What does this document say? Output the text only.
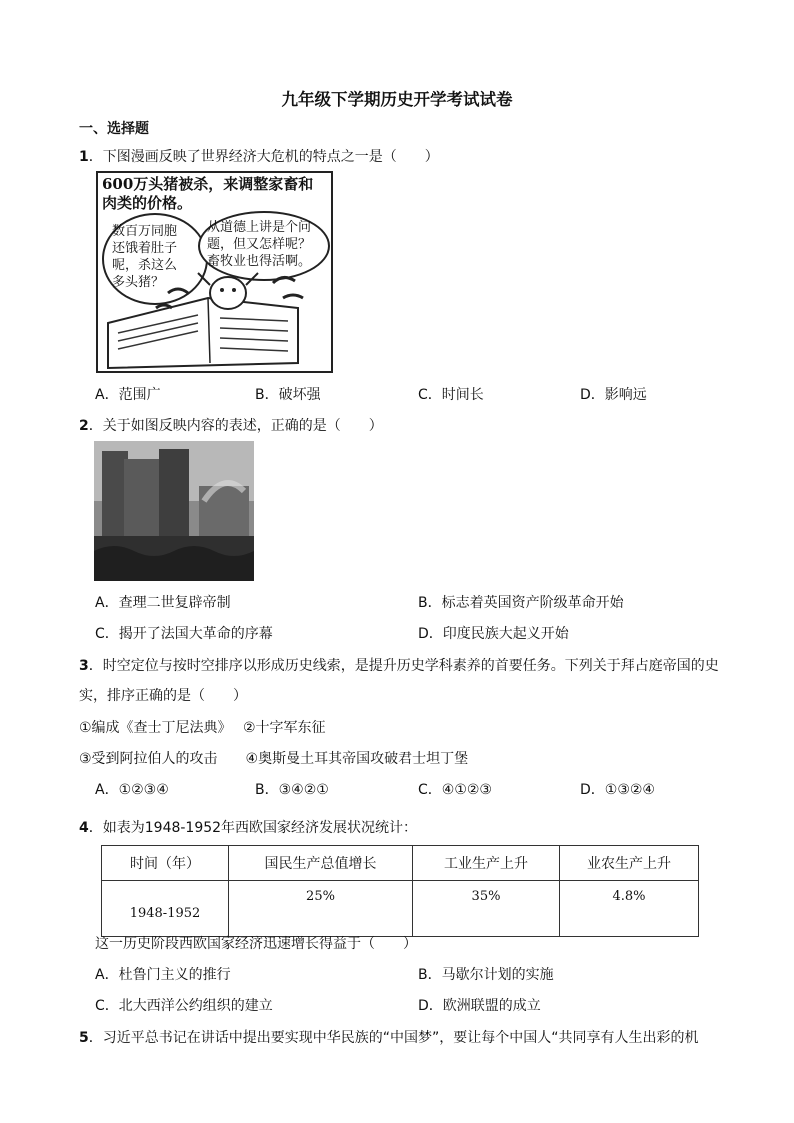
九年级下学期历史开学考试试卷
一、选择题
1．下图漫画反映了世界经济大危机的特点之一是（　　）
600万头猪被杀，来调整家畜和
肉类的价格。
数百万同胞
还饿着肚子
呢，杀这么
多头猪？
从道德上讲是个问
题，但又怎样呢？
畜牧业也得活啊。
A．范围广	B．破坏强	C．时间长	D．影响远
2．关于如图反映内容的表述，正确的是（　　）
A．查理二世复辟帝制	B．标志着英国资产阶级革命开始
C．揭开了法国大革命的序幕	D．印度民族大起义开始
3．时空定位与按时空排序以形成历史线索，是提升历史学科素养的首要任务。下列关于拜占庭帝国的史
实，排序正确的是（　　）
①编成《查士丁尼法典》　 ②十字军东征
③受到阿拉伯人的攻击　　④奥斯曼土耳其帝国攻破君士坦丁堡
A．①②③④	B．③④②①	C．④①②③	D．①③②④
4．如表为1948-1952年西欧国家经济发展状况统计：
时间（年）	国民生产总值增长	工业生产上升	业农生产上升
1948-1952	25%	35%	4.8%
这一历史阶段西欧国家经济迅速增长得益于（　　）
A．杜鲁门主义的推行	B．马歇尔计划的实施
C．北大西洋公约组织的建立	D．欧洲联盟的成立
5．习近平总书记在讲话中提出要实现中华民族的“中国梦”，要让每个中国人“共同享有人生出彩的机
